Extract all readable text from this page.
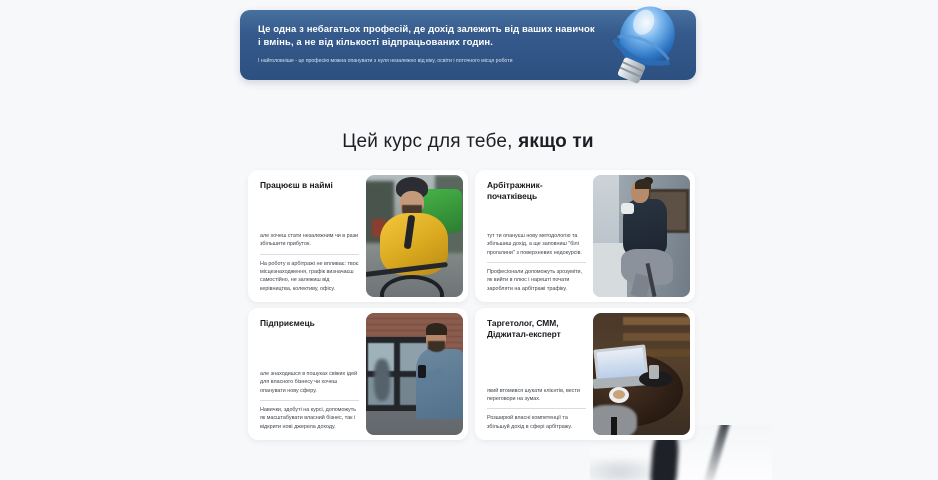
Це одна з небагатьох професій, де дохід залежить від ваших навичок і вмінь, а не від кількості відпрацьованих годин.
І найголовніше - це професію можна опанувати з нуля незалежно від віку, освіти і поточного місця роботи
Цей курс для тебе, якщо ти
Працюєш в наймі
але хочеш стати незалежним чи в рази збільшити прибуток.
На роботу в арбітражі не впливає: твоє місцезнаходження, графік визначаєш самостійно, не залежиш від керівництва, колективу, офісу.
Арбітражник-початківець
тут ти опануєш нову методологію та збільшиш дохід, а ще заповниш "білі прогалини" з поверхневих недокурсів.
Професіонали допоможуть зрозуміти, як вийти в плюс і нарешті почати заробляти на арбітражі трафіку.
Підприємець
але знаходишся в пошуках свіжих ідей для власного бізнесу чи хочеш опанувати нову сферу.
Навички, здобуті на курсі, допоможуть як масштабувати власний бізнес, так і відкрити нові джерела доходу.
Таргетолог, СММ, Діджитал-експерт
який втомився шукати клієнтів, вести переговори на зумах.
Розширюй власні компетенції та збільшуй дохід в сфері арбітражу.
